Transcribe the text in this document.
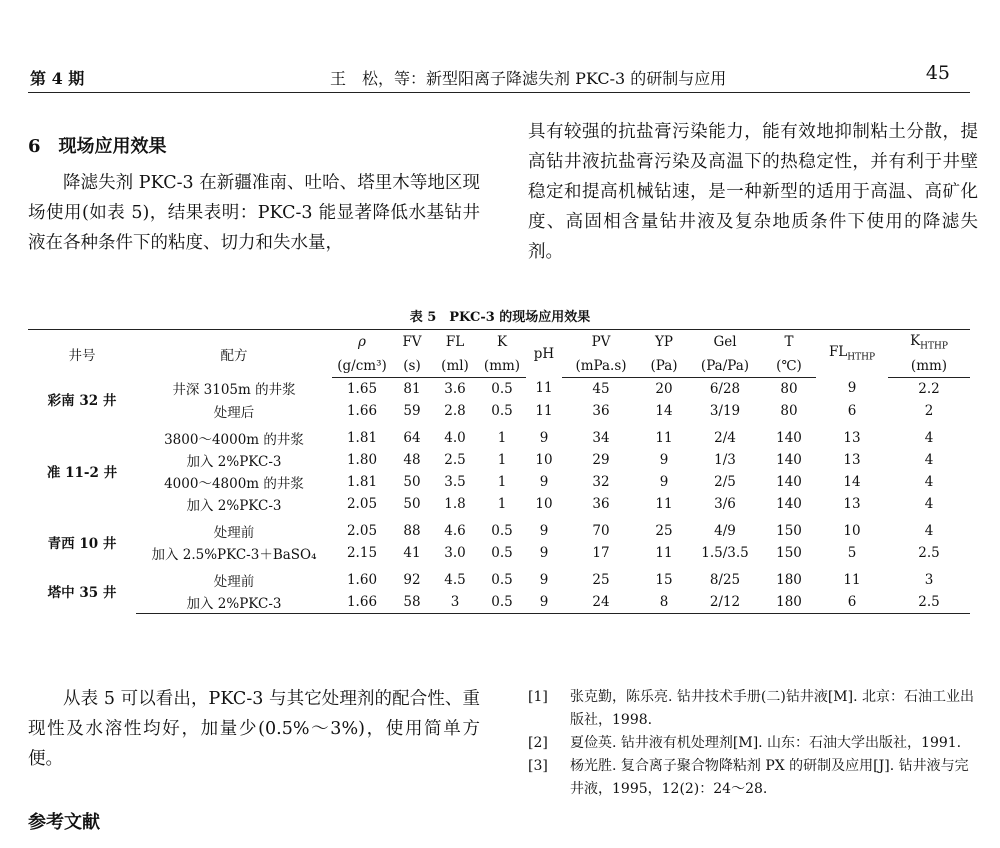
第 4 期	王　松，等：新型阳离子降滤失剂 PKC-3 的研制与应用	45

6　现场应用效果

降滤失剂 PKC-3 在新疆准南、吐哈、塔里木等地区现场使用(如表 5)，结果表明：PKC-3 能显著降低水基钻井液在各种条件下的粘度、切力和失水量，

具有较强的抗盐膏污染能力，能有效地抑制粘土分散，提高钻井液抗盐膏污染及高温下的热稳定性，并有利于井壁稳定和提高机械钻速，是一种新型的适用于高温、高矿化度、高固相含量钻井液及复杂地质条件下使用的降滤失剂。

表 5　PKC-3 的现场应用效果
井号	配方	ρ	FV	FL	K	pH	PV	YP	Gel	T	$FL_{HTHP}$	$K_{HTHP}$
		(g/cm³)	(s)	(ml)	(mm)		(mPa.s)	(Pa)	(Pa/Pa)	(℃)		(mm)
彩南 32 井	井深 3105m 的井浆	1.65	81	3.6	0.5	11	45	20	6/28	80	9	2.2
	处理后	1.66	59	2.8	0.5	11	36	14	3/19	80	6	2
准 11-2 井	3800～4000m 的井浆	1.81	64	4.0	1	9	34	11	2/4	140	13	4
	加入 2%PKC-3	1.80	48	2.5	1	10	29	9	1/3	140	13	4
	4000～4800m 的井浆	1.81	50	3.5	1	9	32	9	2/5	140	14	4
	加入 2%PKC-3	2.05	50	1.8	1	10	36	11	3/6	140	13	4
青西 10 井	处理前	2.05	88	4.6	0.5	9	70	25	4/9	150	10	4
	加入 2.5%PKC-3＋BaSO₄	2.15	41	3.0	0.5	9	17	11	1.5/3.5	150	5	2.5
塔中 35 井	处理前	1.60	92	4.5	0.5	9	25	15	8/25	180	11	3
	加入 2%PKC-3	1.66	58	3	0.5	9	24	8	2/12	180	6	2.5

从表 5 可以看出，PKC-3 与其它处理剂的配合性、重现性及水溶性均好，加量少(0.5%～3%)，使用简单方便。

参考文献
[1] 张克勤，陈乐亮. 钻井技术手册(二)钻井液[M]. 北京：石油工业出版社，1998.
[2] 夏俭英. 钻井液有机处理剂[M]. 山东：石油大学出版社，1991.
[3] 杨光胜. 复合离子聚合物降粘剂 PX 的研制及应用[J]. 钻井液与完井液，1995，12(2)：24～28.
